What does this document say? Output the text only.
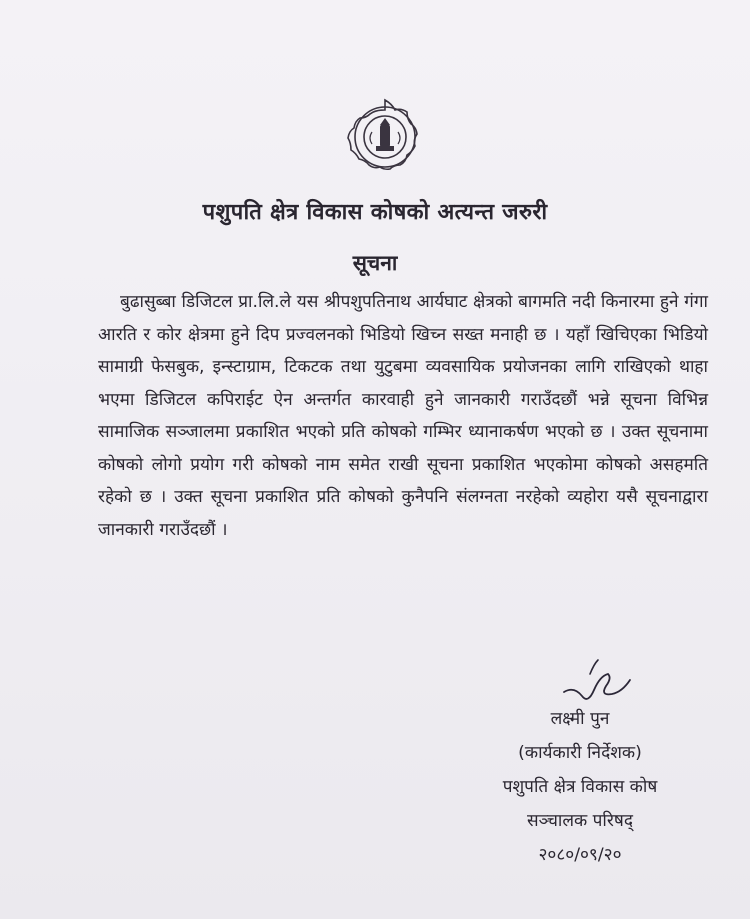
पशुपति क्षेत्र विकास कोषको अत्यन्त जरुरी
सूचना
बुढासुब्बा डिजिटल प्रा.लि.ले यस श्रीपशुपतिनाथ आर्यघाट क्षेत्रको बागमति नदी किनारमा हुने गंगा आरति र कोर क्षेत्रमा हुने दिप प्रज्वलनको भिडियो खिच्न सख्त मनाही छ । यहाँ खिचिएका भिडियो सामाग्री फेसबुक, इन्स्टाग्राम, टिकटक तथा युटुबमा व्यवसायिक प्रयोजनका लागि राखिएको थाहा भएमा डिजिटल कपिराईट ऐन अन्तर्गत कारवाही हुने जानकारी गराउँदछौं भन्ने सूचना विभिन्न सामाजिक सञ्जालमा प्रकाशित भएको प्रति कोषको गम्भिर ध्यानाकर्षण भएको छ । उक्त सूचनामा कोषको लोगो प्रयोग गरी कोषको नाम समेत राखी सूचना प्रकाशित भएकोमा कोषको असहमति रहेको छ । उक्त सूचना प्रकाशित प्रति कोषको कुनैपनि संलग्नता नरहेको व्यहोरा यसै सूचनाद्वारा जानकारी गराउँदछौं ।
लक्ष्मी पुन
(कार्यकारी निर्देशक)
पशुपति क्षेत्र विकास कोष
सञ्चालक परिषद्
२०८०/०९/२०
